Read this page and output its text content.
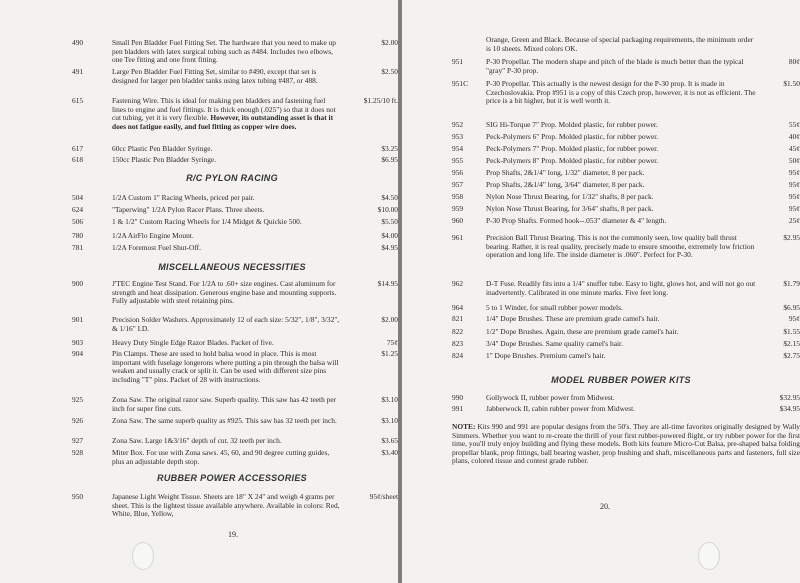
490	Small Pen Bladder Fuel Fitting Set. The hardware that you need to make up pen bladders with latex surgical tubing such as #484. Includes two elbows, one Tee fitting and one front fitting.
$2.00
491	Large Pen Bladder Fuel Fitting Set, similar to #490, except that set is designed for larger pen bladder tanks using latex tubing #487, or 488.
$2.50
615	Fastening Wire. This is ideal for making pen bladders and fastening fuel lines to engine and fuel fittings. It is thick enough (.025") so that it does not cut tubing, yet it is very flexible. However, its outstanding asset is that it does not fatigue easily, and fuel fitting as copper wire does.
$1.25/10 ft.
617	60cc Plastic Pen Bladder Syringe.	$3.25
618	150cc Plastic Pen Bladder Syringe.	$6.95
R/C PYLON RACING
504	1/2A Custom 1" Racing Wheels, priced per pair.	$4.50
624	"Taperwing" 1/2A Pylon Racer Plans. Three sheets.	$10.00
506	1 & 1/2" Custom Racing Wheels for 1/4 Midget & Quickie 500.	$5.50
780	1/2A AirFlo Engine Mount.	$4.00
781	1/2A Foremost Fuel Shut-Off.	$4.95
MISCELLANEOUS NECESSITIES
900	J'TEC Engine Test Stand. For 1/2A to .60+ size engines. Cast aluminum for strength and heat dissipation. Generous engine base and mounting supports. Fully adjustable with steel retaining pins.
$14.95
901	Precision Solder Washers. Approximately 12 of each size: 5/32", 1/8", 3/32", & 1/16" I.D.
$2.00
903	Heavy Duty Single Edge Razor Blades. Packet of five.	75¢
904	Pin Clamps. These are used to hold balsa wood in place. This is most important with fuselage longerons where putting a pin through the balsa will weaken and usually crack or split it. Can be used with different size pins including "T" pins. Packet of 28 with instructions.
$1.25
925	Zona Saw. The original razor saw. Superb quality. This saw has 42 teeth per inch for super fine cuts.
$3.10
926	Zona Saw. The same superb quality as #925. This saw has 32 teeth per inch.	$3.10
927	Zona Saw. Large 1&3/16" depth of cut. 32 teeth per inch.	$3.65
928	Miter Box. For use with Zona saws. 45, 60, and 90 degree cutting guides, plus an adjustable depth stop.
$3.40
RUBBER POWER ACCESSORIES
950	Japanese Light Weight Tissue. Sheets are 18" X 24" and weigh 4 grams per sheet. This is the lightest tissue available anywhere. Available in colors: Red, White, Blue, Yellow,
95¢/sheet
19.
Orange, Green and Black. Because of special packaging requirements, the minimum order is 10 sheets. Mixed colors OK.
951	P-30 Propellar. The modern shape and pitch of the blade is much better than the typical "gray" P-30 prop.
80¢
951C	P-30 Propellar. This actually is the newest design for the P-30 prop. It is made in Czechoslovakia. Prop #951 is a copy of this Czech prop, however, it is not as efficient. The price is a bit higher, but it is well worth it.
$1.50
952	SIG Hi-Torque 7" Prop. Molded plastic, for rubber power.	55¢
953	Peck-Polymers 6" Prop. Molded plastic, for rubber power.	40¢
954	Peck-Polymers 7" Prop. Molded plastic, for rubber power.	45¢
955	Peck-Polymers 8" Prop. Molded plastic, for rubber power.	50¢
956	Prop Shafts, 2&1/4" long, 1/32" diameter, 8 per pack.	95¢
957	Prop Shafts, 2&1/4" long, 3/64" diameter, 8 per pack.	95¢
958	Nylon Nose Thrust Bearing, for 1/32" shafts, 8 per pack.	95¢
959	Nylon Nose Thrust Bearing, for 3/64" shafts, 8 per pack.	95¢
960	P-30 Prop Shafts. Formed hook--.053" diameter & 4" length.	25¢
961	Precision Ball Thrust Bearing. This is not the commonly seen, low quality ball thrust bearing. Rather, it is real quality, precisely made to ensure smoothe, extremely low friction operation and long life. The inside diameter is .060". Perfect for P-30.
$2.95
962	D-T Fuse. Readily fits into a 1/4" snuffer tube. Easy to light, glows hot, and will not go out inadvertently. Calibrated in one minute marks. Five feet long.
$1.79
964	5 to 1 Winder, for small rubber power models.	$6.95
821	1/4" Dope Brushes. These are premium grade camel's hair.	95¢
822	1/2" Dope Brushes. Again, these are premium grade camel's hair.	$1.55
823	3/4" Dope Brushes. Same quality camel's hair.	$2.15
824	1" Dope Brushes. Premium camel's hair.	$2.75
MODEL RUBBER POWER KITS
990	Gollywock II, rubber power from Midwest.	$32.95
991	Jabberwock II, cabin rubber power from Midwest.	$34.95
NOTE: Kits 990 and 991 are popular designs from the 50's. They are all-time favorites originally designed by Wally Simmers. Whether you want to re-create the thrill of your first rubber-powered flight, or try rubber power for the first time, you'll truly enjoy building and flying these models. Both kits feature Micro-Cut Balsa, pre-shaped balsa folding propellar blank, prop fittings, ball bearing washer, prop bushing and shaft, miscellaneous parts and fasteners, full size plans, colored tissue and contest grade rubber.
20.
